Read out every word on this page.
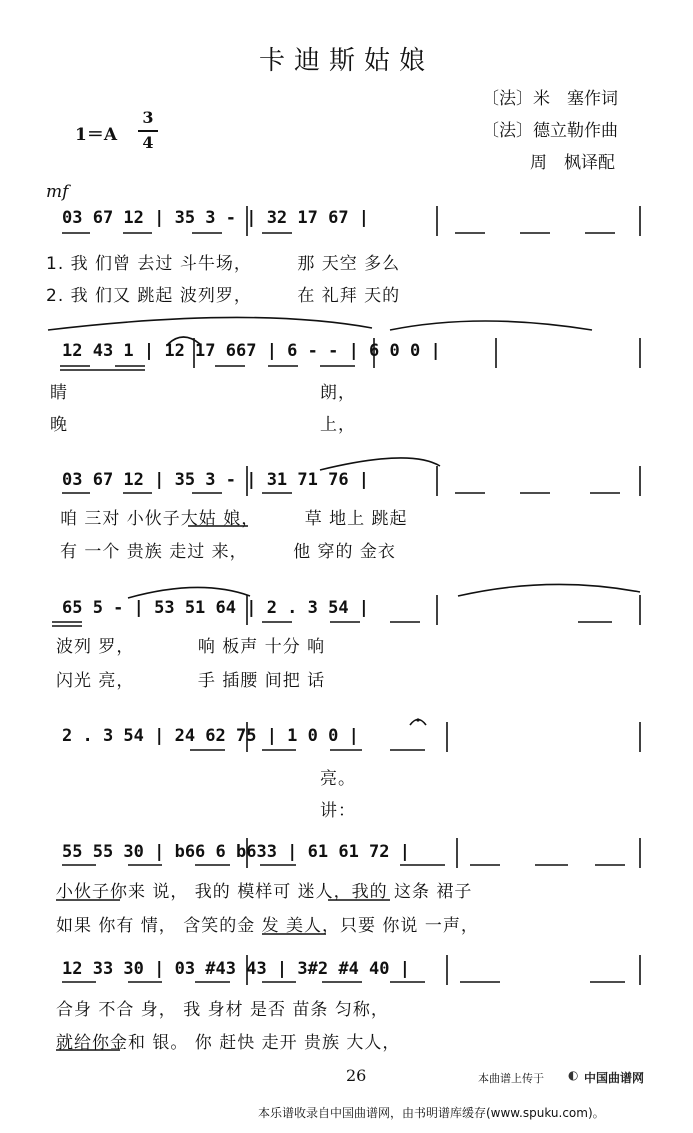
卡迪斯姑娘
〔法〕米　塞作词
〔法〕德立勒作曲
周　枫译配
1＝A
3
4
mf
03 67 12 | 35 3 - | 32 17 67 |
1. 我 们曾 去过 斗牛场，　　　那 天空 多么
2. 我 们又 跳起 波列罗，　　　在 礼拜 天的
12 43 1 | 12 17 667 | 6 - - | 6 0 0 |
睛　　　　　　　　　　　　　　朗，
晚　　　　　　　　　　　　　　上，
03 67 12 | 35 3 - | 31 71 76 |
咱 三对 小伙子大姑 娘，　　　草 地上 跳起
有 一个 贵族 走过 来，　　　他 穿的 金衣
65 5 - | 53 51 64 | 2 . 3 54 |
波列 罗，　　　　响 板声 十分 响
闪光 亮，　　　　手 插腰 间把 话
2 . 3 54 | 24 62 75 | 1 0 0 |
　　　　　　　　　　　　　　　亮。
　　　　　　　　　　　　　　　讲：
55 55 30 | b66 6 b633 | 61 61 72 |
小伙子你来 说， 我的 模样可 迷人，我的 这条 裙子
如果 你有 情， 含笑的金 发 美人，只要 你说 一声，
12 33 30 | 03 #43 43 | 3#2 #4 40 |
合身 不合 身， 我 身材 是否 苗条 匀称，
就给你金和 银。 你 赶快 走开 贵族 大人，
26	本曲谱上传于 ◐ 中国曲谱网
本乐谱收录自中国曲谱网，由书明谱库缓存(www.spuku.com)。
